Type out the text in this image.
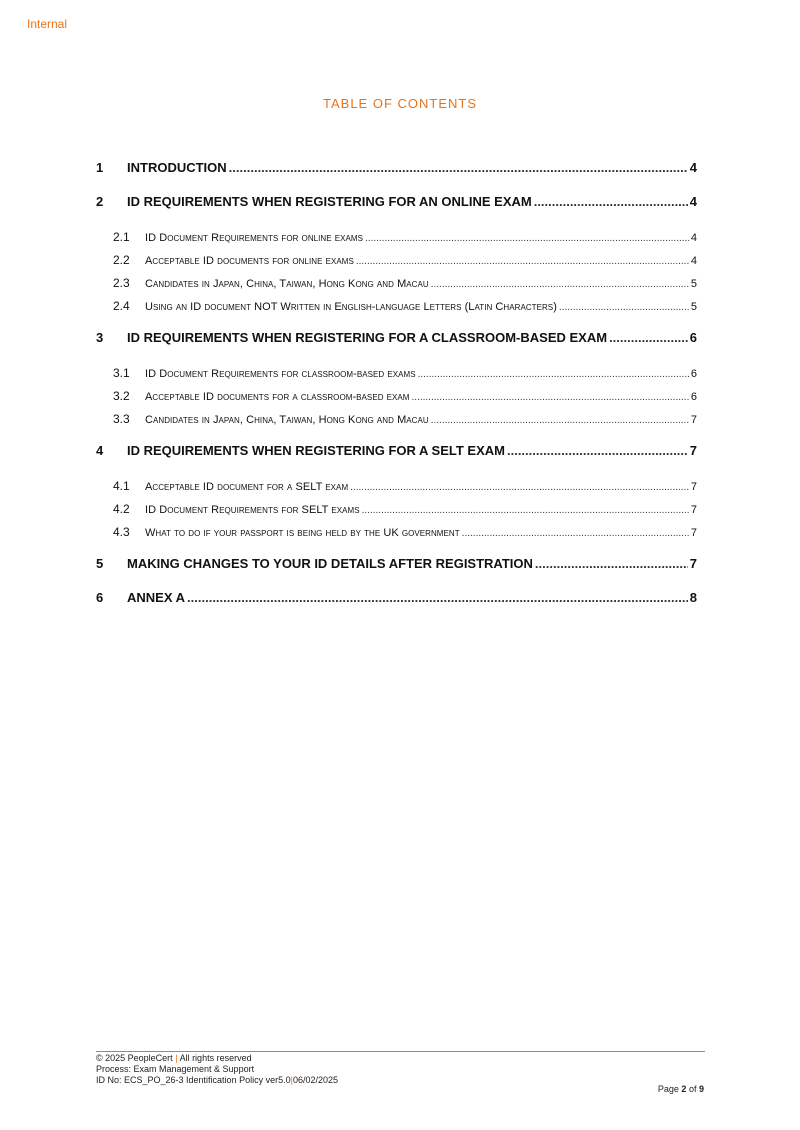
Internal
TABLE OF CONTENTS
1	INTRODUCTION .....	4
2	ID REQUIREMENTS WHEN REGISTERING FOR AN ONLINE EXAM .....	4
2.1	ID Document Requirements for online exams .....	4
2.2	Acceptable ID documents for online exams .....	4
2.3	Candidates in Japan, China, Taiwan, Hong Kong and Macau .....	5
2.4	Using an ID document NOT Written in English-language Letters (Latin Characters) .....	5
3	ID REQUIREMENTS WHEN REGISTERING FOR A CLASSROOM-BASED EXAM .....	6
3.1	ID Document Requirements for classroom-based exams .....	6
3.2	Acceptable ID documents for a classroom-based exam .....	6
3.3	Candidates in Japan, China, Taiwan, Hong Kong and Macau .....	7
4	ID REQUIREMENTS WHEN REGISTERING FOR A SELT EXAM .....	7
4.1	Acceptable ID document for a SELT exam .....	7
4.2	ID Document Requirements for SELT exams .....	7
4.3	What to do if your passport is being held by the UK government .....	7
5	MAKING CHANGES TO YOUR ID DETAILS AFTER REGISTRATION .....	7
6	ANNEX A .....	8
© 2025 PeopleCert | All rights reserved
Process: Exam Management & Support
ID No: ECS_PO_26-3 Identification Policy ver5.0|06/02/2025
Page 2 of 9
